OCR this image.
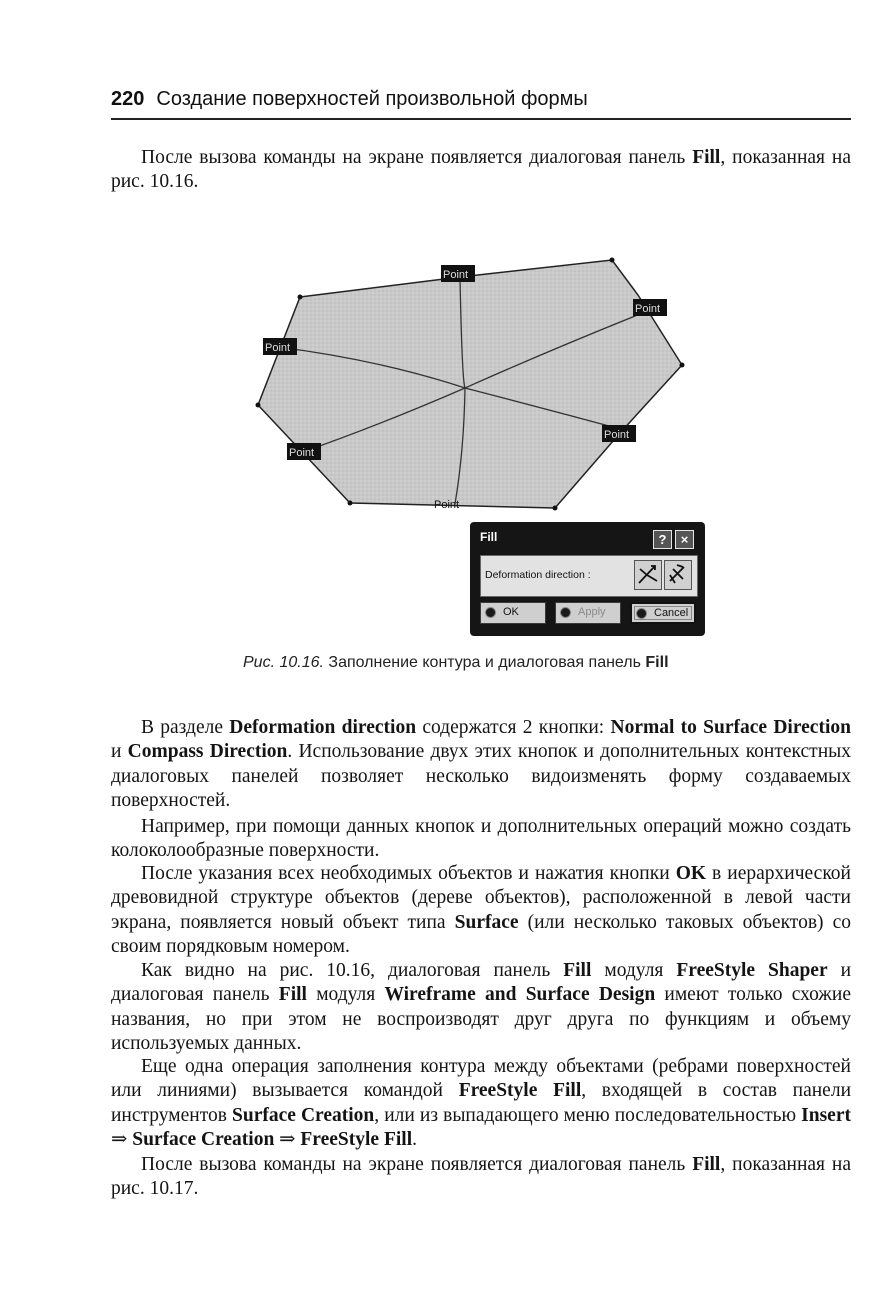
220 Создание поверхностей произвольной формы

После вызова команды на экране появляется диалоговая панель Fill, показанная на рис. 10.16.

Point
Point
Point
Point
Point
Point
Fill	?	×
Deformation direction :
OK	Apply	Cancel
Рис. 10.16. Заполнение контура и диалоговая панель Fill

В разделе Deformation direction содержатся 2 кнопки: Normal to Surface Direction и Compass Direction. Использование двух этих кнопок и дополнительных контекстных диалоговых панелей позволяет несколько видоизменять форму создаваемых поверхностей.

Например, при помощи данных кнопок и дополнительных операций можно создать колоколообразные поверхности.

После указания всех необходимых объектов и нажатия кнопки OK в иерархической древовидной структуре объектов (дереве объектов), расположенной в левой части экрана, появляется новый объект типа Surface (или несколько таковых объектов) со своим порядковым номером.

Как видно на рис. 10.16, диалоговая панель Fill модуля FreeStyle Shaper и диалоговая панель Fill модуля Wireframe and Surface Design имеют только схожие названия, но при этом не воспроизводят друг друга по функциям и объему используемых данных.

Еще одна операция заполнения контура между объектами (ребрами поверхностей или линиями) вызывается командой FreeStyle Fill, входящей в состав панели инструментов Surface Creation, или из выпадающего меню последовательностью Insert ⇒ Surface Creation ⇒ FreeStyle Fill.

После вызова команды на экране появляется диалоговая панель Fill, показанная на рис. 10.17.
